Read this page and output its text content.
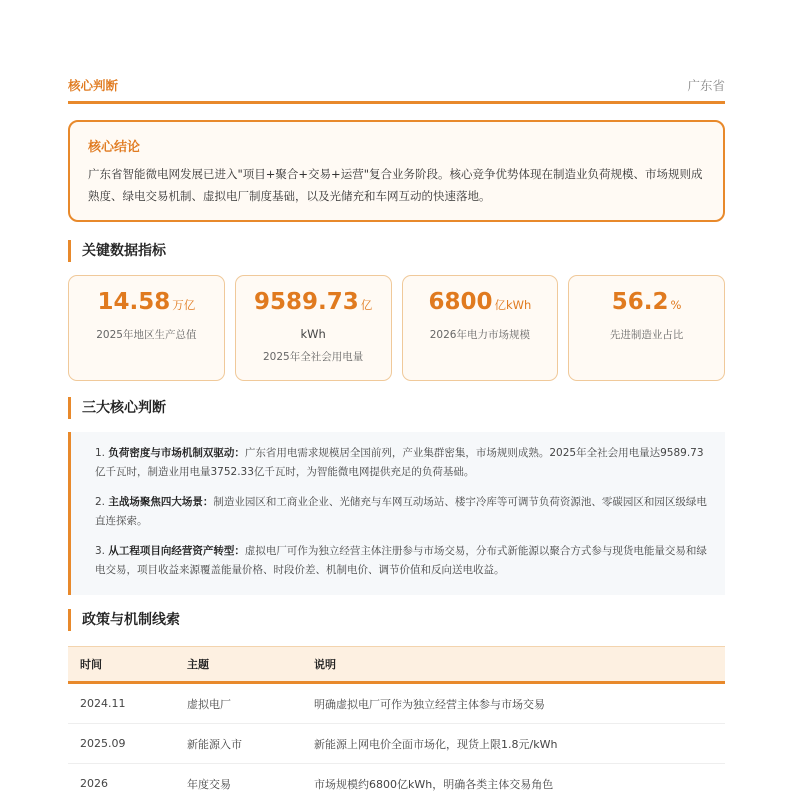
核心判断	广东省
核心结论
广东省智能微电网发展已进入"项目+聚合+交易+运营"复合业务阶段。核心竞争优势体现在制造业负荷规模、市场规则成熟度、绿电交易机制、虚拟电厂制度基础，以及光储充和车网互动的快速落地。
关键数据指标
14.58 万亿
2025年地区生产总值
9589.73 亿
kWh
2025年全社会用电量
6800 亿kWh
2026年电力市场规模
56.2 %
先进制造业占比
三大核心判断
1. 负荷密度与市场机制双驱动：广东省用电需求规模居全国前列，产业集群密集，市场规则成熟。2025年全社会用电量达9589.73亿千瓦时，制造业用电量3752.33亿千瓦时，为智能微电网提供充足的负荷基础。
2. 主战场聚焦四大场景：制造业园区和工商业企业、光储充与车网互动场站、楼宇冷库等可调节负荷资源池、零碳园区和园区级绿电直连探索。
3. 从工程项目向经营资产转型：虚拟电厂可作为独立经营主体注册参与市场交易，分布式新能源以聚合方式参与现货电能量交易和绿电交易，项目收益来源覆盖能量价格、时段价差、机制电价、调节价值和反向送电收益。
政策与机制线索
时间	主题	说明
2024.11	虚拟电厂	明确虚拟电厂可作为独立经营主体参与市场交易
2025.09	新能源入市	新能源上网电价全面市场化，现货上限1.8元/kWh
2026	年度交易	市场规模约6800亿kWh，明确各类主体交易角色
